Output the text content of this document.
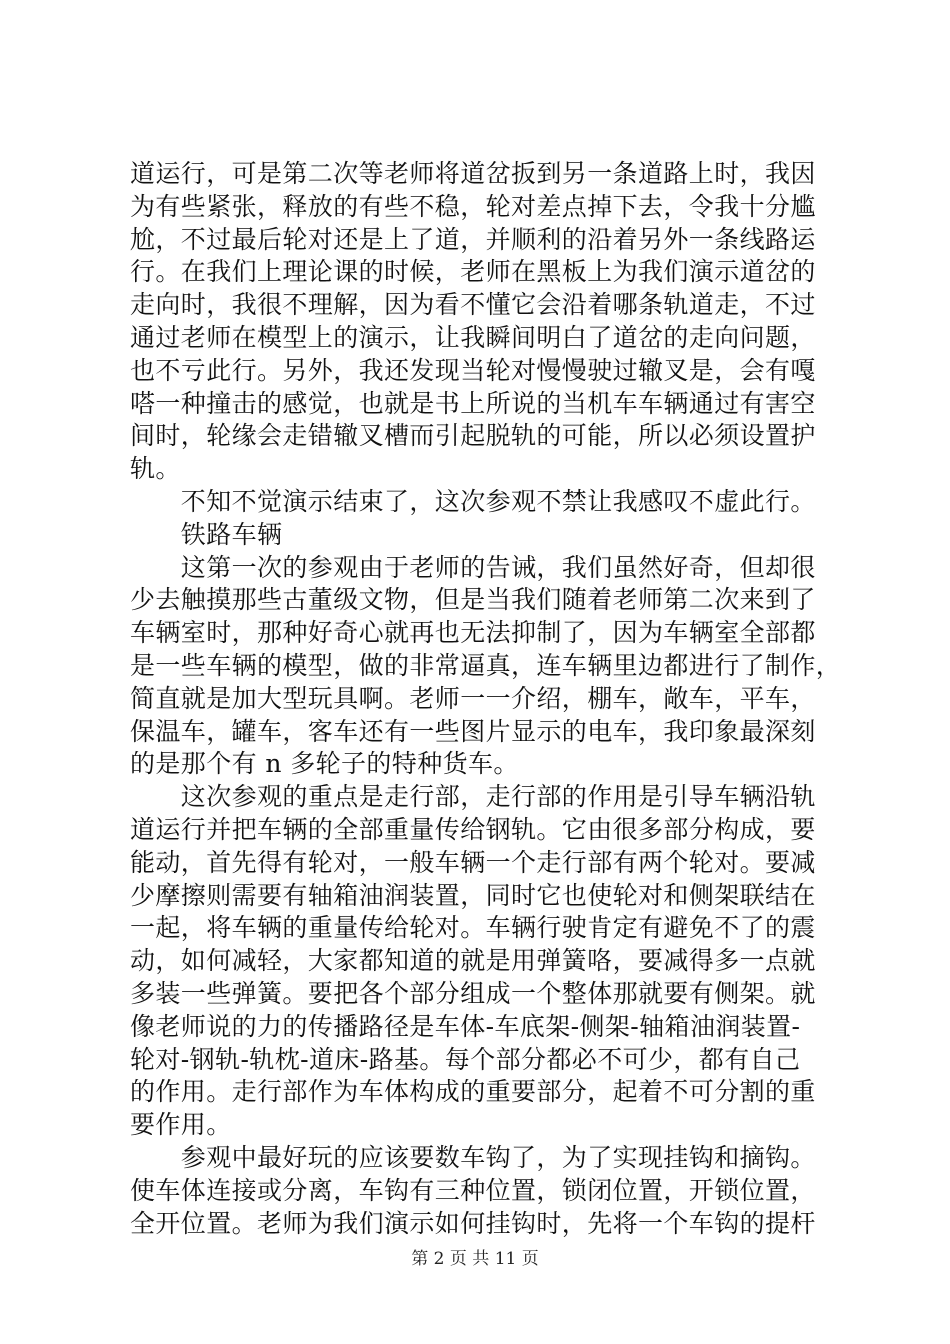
道运行，可是第二次等老师将道岔扳到另一条道路上时，我因
为有些紧张，释放的有些不稳，轮对差点掉下去，令我十分尴
尬，不过最后轮对还是上了道，并顺利的沿着另外一条线路运
行。在我们上理论课的时候，老师在黑板上为我们演示道岔的
走向时，我很不理解，因为看不懂它会沿着哪条轨道走，不过
通过老师在模型上的演示，让我瞬间明白了道岔的走向问题，
也不亏此行。另外，我还发现当轮对慢慢驶过辙叉是，会有嘎
嗒一种撞击的感觉，也就是书上所说的当机车车辆通过有害空
间时，轮缘会走错辙叉槽而引起脱轨的可能，所以必须设置护
轨。
　　不知不觉演示结束了，这次参观不禁让我感叹不虚此行。
　　铁路车辆
　　这第一次的参观由于老师的告诫，我们虽然好奇，但却很
少去触摸那些古董级文物，但是当我们随着老师第二次来到了
车辆室时，那种好奇心就再也无法抑制了，因为车辆室全部都
是一些车辆的模型，做的非常逼真，连车辆里边都进行了制作，
简直就是加大型玩具啊。老师一一介绍，棚车，敞车，平车，
保温车，罐车，客车还有一些图片显示的电车，我印象最深刻
的是那个有 n 多轮子的特种货车。
　　这次参观的重点是走行部，走行部的作用是引导车辆沿轨
道运行并把车辆的全部重量传给钢轨。它由很多部分构成，要
能动，首先得有轮对，一般车辆一个走行部有两个轮对。要减
少摩擦则需要有轴箱油润装置，同时它也使轮对和侧架联结在
一起，将车辆的重量传给轮对。车辆行驶肯定有避免不了的震
动，如何减轻，大家都知道的就是用弹簧咯，要减得多一点就
多装一些弹簧。要把各个部分组成一个整体那就要有侧架。就
像老师说的力的传播路径是车体-车底架-侧架-轴箱油润装置-
轮对-钢轨-轨枕-道床-路基。每个部分都必不可少，都有自己
的作用。走行部作为车体构成的重要部分，起着不可分割的重
要作用。
　　参观中最好玩的应该要数车钩了，为了实现挂钩和摘钩。
使车体连接或分离，车钩有三种位置，锁闭位置，开锁位置，
全开位置。老师为我们演示如何挂钩时，先将一个车钩的提杆
第 2 页 共 11 页
